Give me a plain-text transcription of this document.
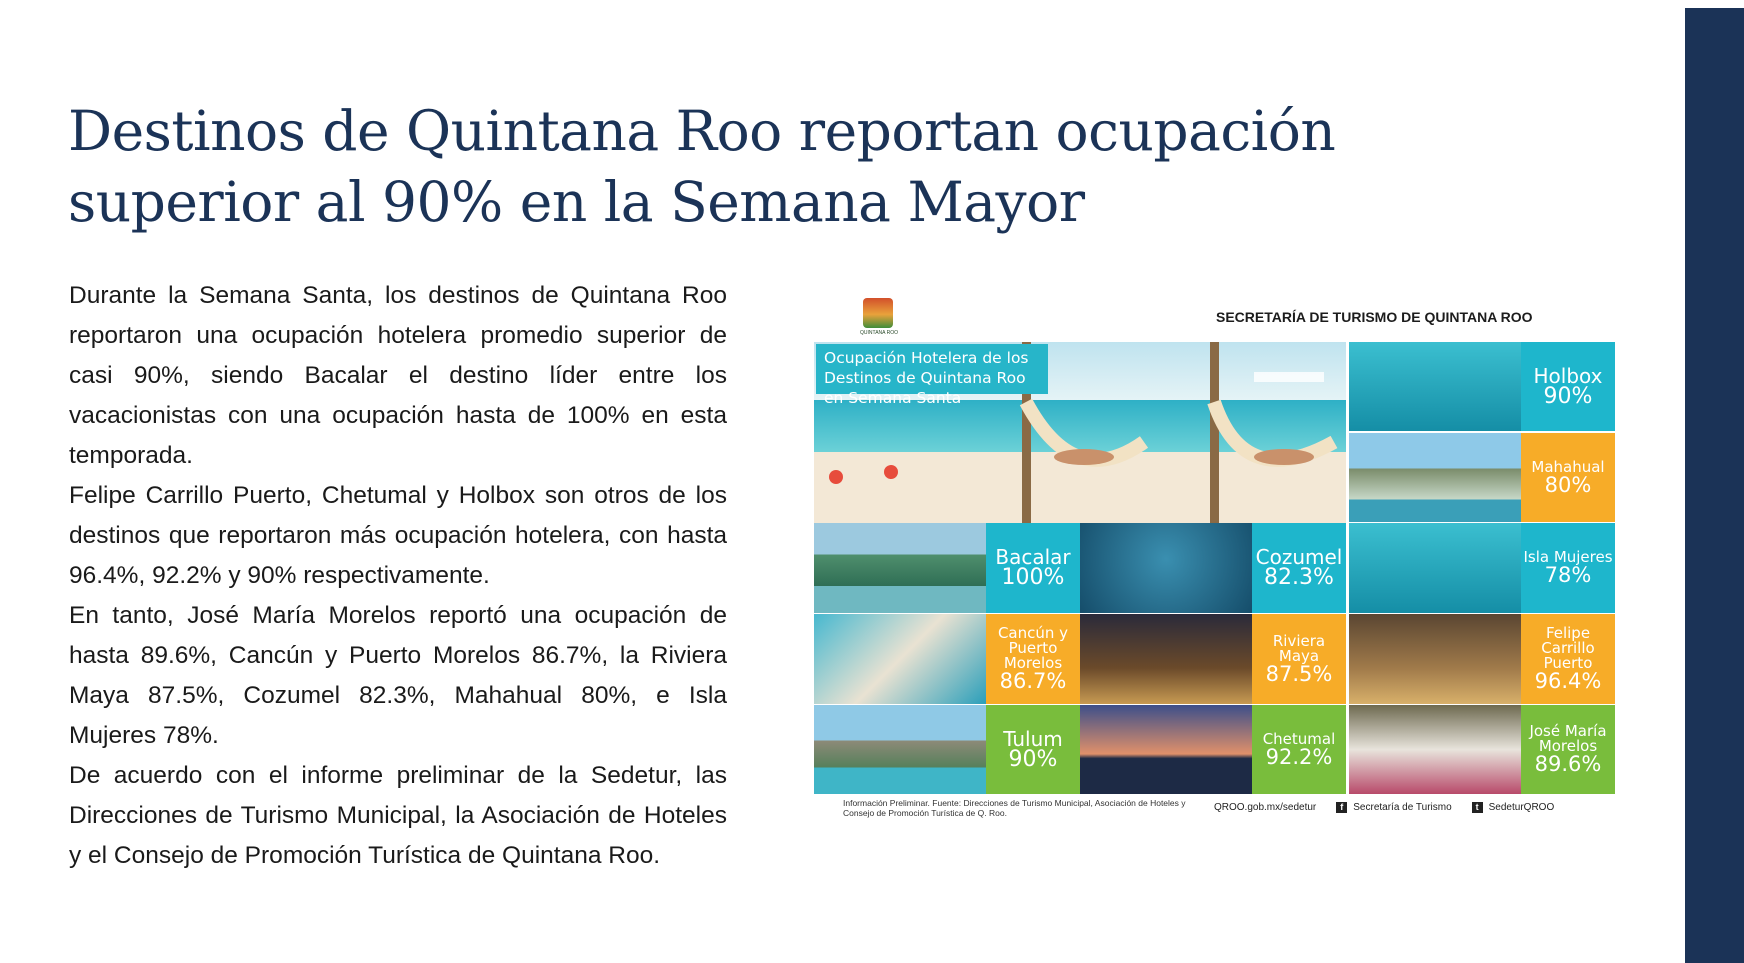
Destinos de Quintana Roo reportan ocupación superior al 90% en la Semana Mayor

Durante la Semana Santa, los destinos de Quintana Roo reportaron una ocupación hotelera promedio superior de casi 90%, siendo Bacalar el destino líder entre los vacacionistas con una ocupación hasta de 100% en esta temporada.

Felipe Carrillo Puerto, Chetumal y Holbox son otros de los destinos que reportaron más ocupación hotelera, con hasta 96.4%, 92.2% y 90% respectivamente.

En tanto, José María Morelos reportó una ocupación de hasta 89.6%, Cancún y Puerto Morelos 86.7%, la Riviera Maya 87.5%, Cozumel 82.3%, Mahahual 80%, e Isla Mujeres 78%.

De acuerdo con el informe preliminar de la Sedetur, las Direcciones de Turismo Municipal, la Asociación de Hoteles y el Consejo de Promoción Turística de Quintana Roo.

QUINTANA ROO
SECRETARÍA DE TURISMO DE QUINTANA ROO
Ocupación Hotelera de los Destinos de Quintana Roo en Semana Santa
Holbox
90%
Mahahual
80%
Bacalar
100%
Cozumel
82.3%
Isla Mujeres
78%
Cancún y Puerto Morelos
86.7%
Riviera Maya
87.5%
Felipe Carrillo Puerto
96.4%
Tulum
90%
Chetumal
92.2%
José María Morelos
89.6%
Información Preliminar. Fuente: Direcciones de Turismo Municipal, Asociación de Hoteles y Consejo de Promoción Turística de Q. Roo.	QROO.gob.mx/sedetur	f Secretaría de Turismo	t SedeturQROO
